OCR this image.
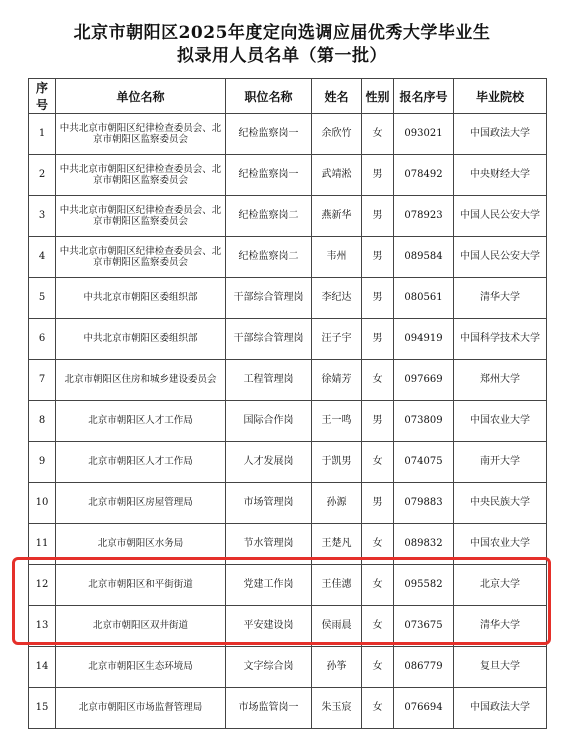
北京市朝阳区2025年度定向选调应届优秀大学毕业生
拟录用人员名单（第一批）
序号	单位名称	职位名称	姓名	性别	报名序号	毕业院校
1	中共北京市朝阳区纪律检查委员会、北京市朝阳区监察委员会	纪检监察岗一	余欣竹	女	093021	中国政法大学
2	中共北京市朝阳区纪律检查委员会、北京市朝阳区监察委员会	纪检监察岗一	武靖淞	男	078492	中央财经大学
3	中共北京市朝阳区纪律检查委员会、北京市朝阳区监察委员会	纪检监察岗二	燕新华	男	078923	中国人民公安大学
4	中共北京市朝阳区纪律检查委员会、北京市朝阳区监察委员会	纪检监察岗二	韦州	男	089584	中国人民公安大学
5	中共北京市朝阳区委组织部	干部综合管理岗	李纪达	男	080561	清华大学
6	中共北京市朝阳区委组织部	干部综合管理岗	汪子宇	男	094919	中国科学技术大学
7	北京市朝阳区住房和城乡建设委员会	工程管理岗	徐婧芳	女	097669	郑州大学
8	北京市朝阳区人才工作局	国际合作岗	王一鸣	男	073809	中国农业大学
9	北京市朝阳区人才工作局	人才发展岗	于凯男	女	074075	南开大学
10	北京市朝阳区房屋管理局	市场管理岗	孙源	男	079883	中央民族大学
11	北京市朝阳区水务局	节水管理岗	王楚凡	女	089832	中国农业大学
12	北京市朝阳区和平街街道	党建工作岗	王佳潓	女	095582	北京大学
13	北京市朝阳区双井街道	平安建设岗	侯雨晨	女	073675	清华大学
14	北京市朝阳区生态环境局	文字综合岗	孙筝	女	086779	复旦大学
15	北京市朝阳区市场监督管理局	市场监管岗一	朱玉宸	女	076694	中国政法大学
